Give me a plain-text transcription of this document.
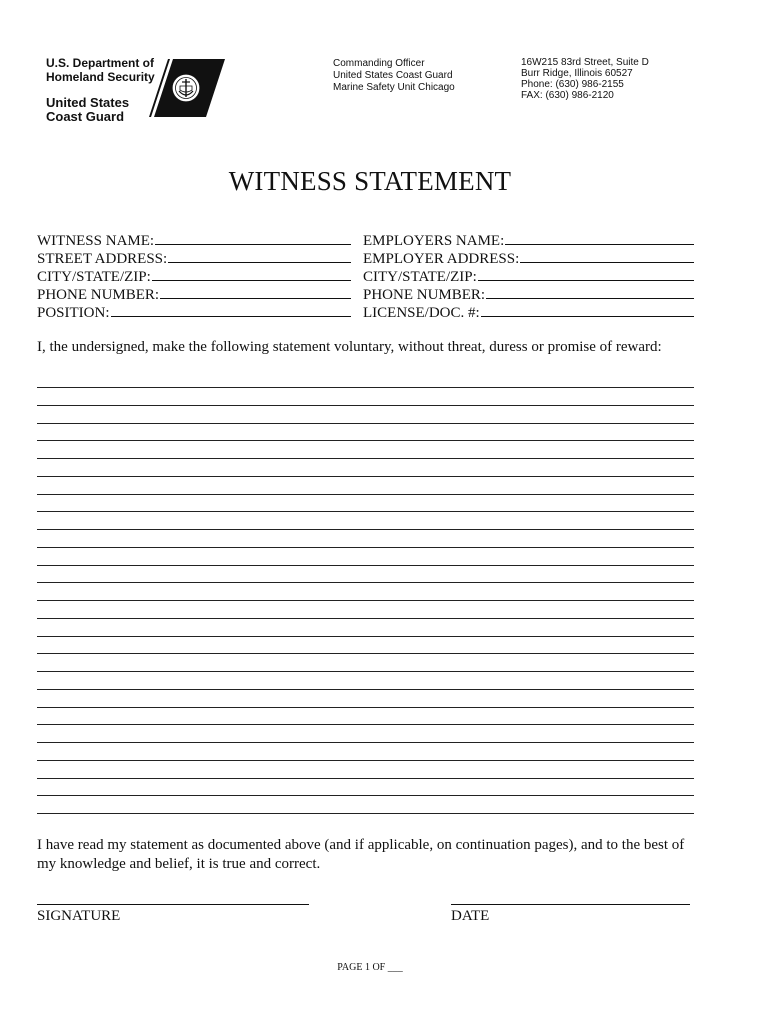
U.S. Department of
Homeland Security
United States
Coast Guard
Commanding Officer
United States Coast Guard
Marine Safety Unit Chicago
16W215 83rd Street, Suite D
Burr Ridge, Illinois 60527
Phone: (630) 986-2155
FAX: (630) 986-2120
WITNESS STATEMENT
WITNESS NAME:
STREET ADDRESS:
CITY/STATE/ZIP:
PHONE NUMBER:
POSITION:
EMPLOYERS NAME:
EMPLOYER ADDRESS:
CITY/STATE/ZIP:
PHONE NUMBER:
LICENSE/DOC. #:
I, the undersigned, make the following statement voluntary, without threat, duress or promise of reward:
I have read my statement as documented above (and if applicable, on continuation pages), and to the best of my knowledge and belief, it is true and correct.
SIGNATURE	DATE
PAGE 1 OF ___
